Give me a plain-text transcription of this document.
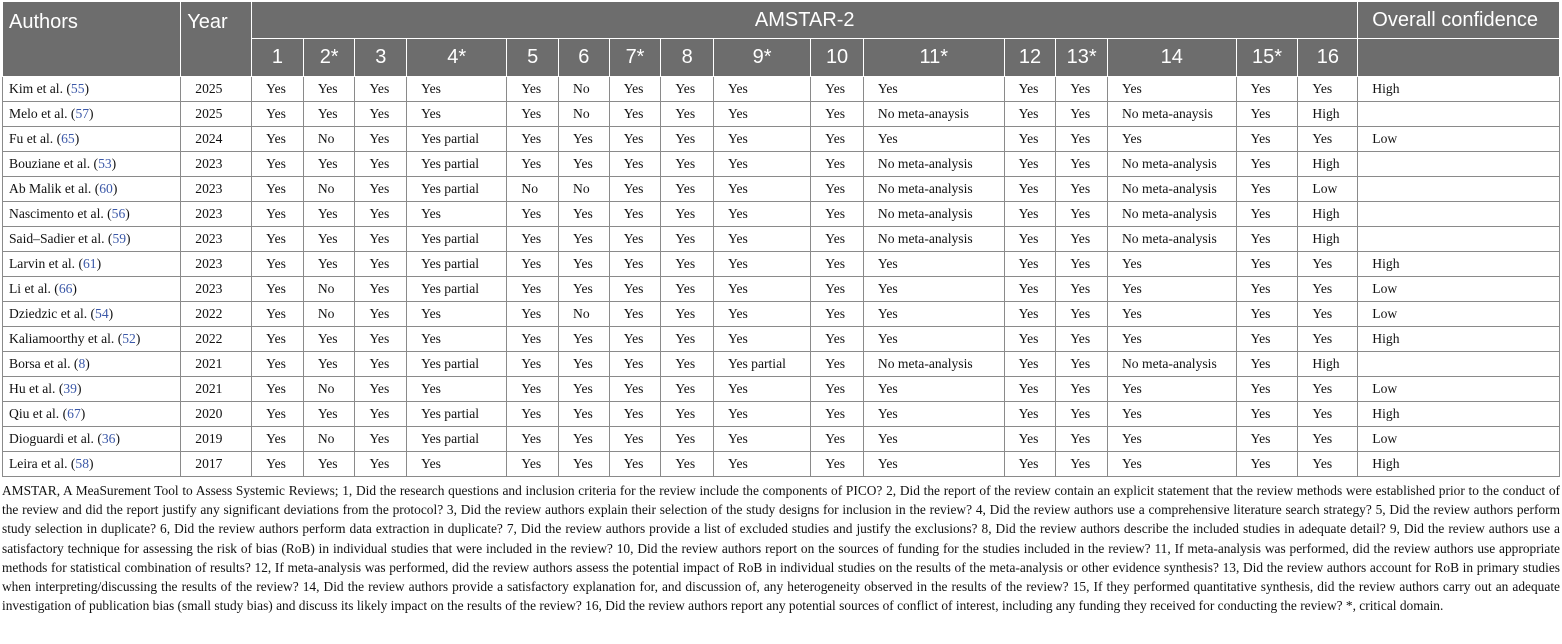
Authors	Year	AMSTAR-2																Overall confidence
		1	2*	3	4*	5	6	7*	8	9*	10	11*	12	13*	14	15*	16	
Kim et al. (55)	2025	Yes	Yes	Yes	Yes	Yes	No	Yes	Yes	Yes	Yes	Yes	Yes	Yes	Yes	Yes	Yes	High
Melo et al. (57)	2025	Yes	Yes	Yes	Yes	Yes	No	Yes	Yes	Yes	Yes	No meta-anaysis	Yes	Yes	No meta-anaysis	Yes	High	
Fu et al. (65)	2024	Yes	No	Yes	Yes partial	Yes	Yes	Yes	Yes	Yes	Yes	Yes	Yes	Yes	Yes	Yes	Yes	Low
Bouziane et al. (53)	2023	Yes	Yes	Yes	Yes partial	Yes	Yes	Yes	Yes	Yes	Yes	No meta-analysis	Yes	Yes	No meta-analysis	Yes	High	
Ab Malik et al. (60)	2023	Yes	No	Yes	Yes partial	No	No	Yes	Yes	Yes	Yes	No meta-analysis	Yes	Yes	No meta-analysis	Yes	Low	
Nascimento et al. (56)	2023	Yes	Yes	Yes	Yes	Yes	Yes	Yes	Yes	Yes	Yes	No meta-analysis	Yes	Yes	No meta-analysis	Yes	High	
Said–Sadier et al. (59)	2023	Yes	Yes	Yes	Yes partial	Yes	Yes	Yes	Yes	Yes	Yes	No meta-analysis	Yes	Yes	No meta-analysis	Yes	High	
Larvin et al. (61)	2023	Yes	Yes	Yes	Yes partial	Yes	Yes	Yes	Yes	Yes	Yes	Yes	Yes	Yes	Yes	Yes	Yes	High
Li et al. (66)	2023	Yes	No	Yes	Yes partial	Yes	Yes	Yes	Yes	Yes	Yes	Yes	Yes	Yes	Yes	Yes	Yes	Low
Dziedzic et al. (54)	2022	Yes	No	Yes	Yes	Yes	No	Yes	Yes	Yes	Yes	Yes	Yes	Yes	Yes	Yes	Yes	Low
Kaliamoorthy et al. (52)	2022	Yes	Yes	Yes	Yes	Yes	Yes	Yes	Yes	Yes	Yes	Yes	Yes	Yes	Yes	Yes	Yes	High
Borsa et al. (8)	2021	Yes	Yes	Yes	Yes partial	Yes	Yes	Yes	Yes	Yes partial	Yes	No meta-analysis	Yes	Yes	No meta-analysis	Yes	High	
Hu et al. (39)	2021	Yes	No	Yes	Yes	Yes	Yes	Yes	Yes	Yes	Yes	Yes	Yes	Yes	Yes	Yes	Yes	Low
Qiu et al. (67)	2020	Yes	Yes	Yes	Yes partial	Yes	Yes	Yes	Yes	Yes	Yes	Yes	Yes	Yes	Yes	Yes	Yes	High
Dioguardi et al. (36)	2019	Yes	No	Yes	Yes partial	Yes	Yes	Yes	Yes	Yes	Yes	Yes	Yes	Yes	Yes	Yes	Yes	Low
Leira et al. (58)	2017	Yes	Yes	Yes	Yes	Yes	Yes	Yes	Yes	Yes	Yes	Yes	Yes	Yes	Yes	Yes	Yes	High

AMSTAR, A MeaSurement Tool to Assess Systemic Reviews; 1, Did the research questions and inclusion criteria for the review include the components of PICO? 2, Did the report of the review contain an explicit statement that the review methods were established prior to the conduct of the review and did the report justify any significant deviations from the protocol? 3, Did the review authors explain their selection of the study designs for inclusion in the review? 4, Did the review authors use a comprehensive literature search strategy? 5, Did the review authors perform study selection in duplicate? 6, Did the review authors perform data extraction in duplicate? 7, Did the review authors provide a list of excluded studies and justify the exclusions? 8, Did the review authors describe the included studies in adequate detail? 9, Did the review authors use a satisfactory technique for assessing the risk of bias (RoB) in individual studies that were included in the review? 10, Did the review authors report on the sources of funding for the studies included in the review? 11, If meta-analysis was performed, did the review authors use appropriate methods for statistical combination of results? 12, If meta-analysis was performed, did the review authors assess the potential impact of RoB in individual studies on the results of the meta-analysis or other evidence synthesis? 13, Did the review authors account for RoB in primary studies when interpreting/discussing the results of the review? 14, Did the review authors provide a satisfactory explanation for, and discussion of, any heterogeneity observed in the results of the review? 15, If they performed quantitative synthesis, did the review authors carry out an adequate investigation of publication bias (small study bias) and discuss its likely impact on the results of the review? 16, Did the review authors report any potential sources of conflict of interest, including any funding they received for conducting the review? *, critical domain.
